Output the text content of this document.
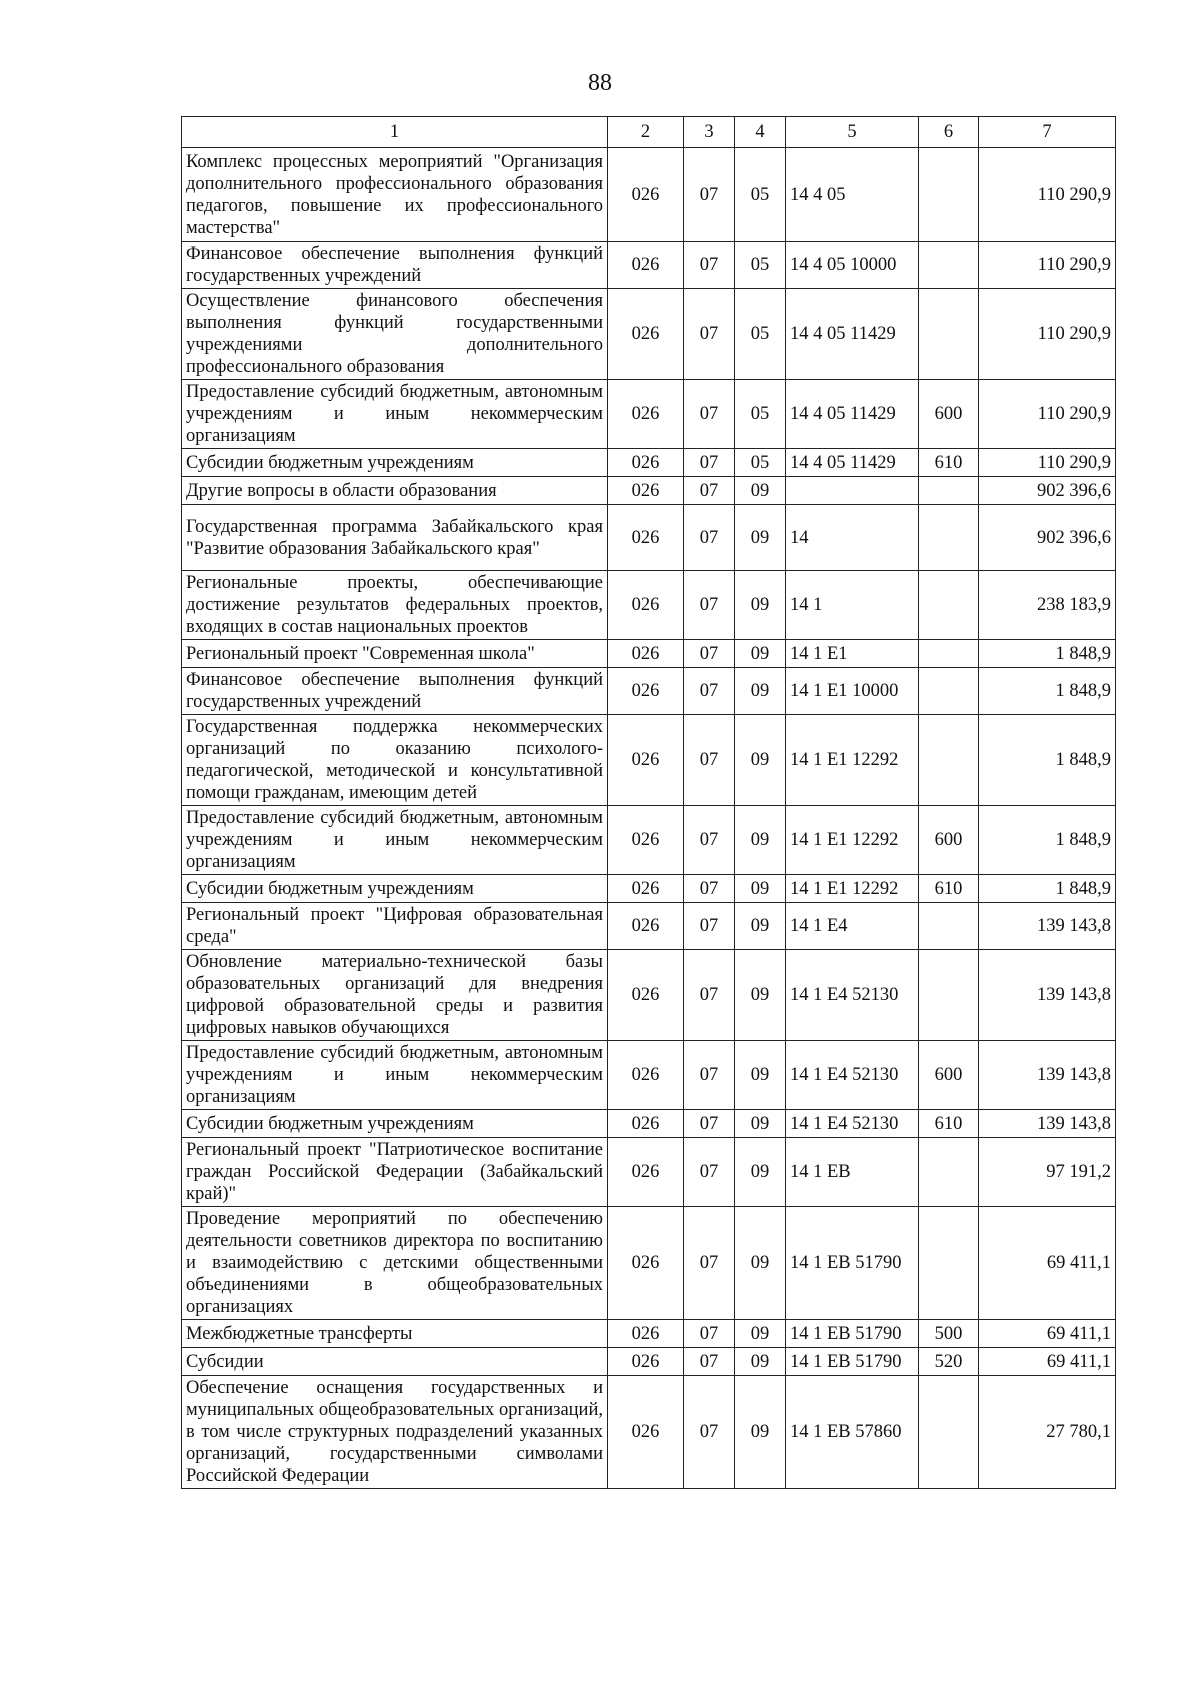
88
1	2	3	4	5	6	7
Комплекс процессных мероприятий "Организация дополнительного профессионального образования педагогов, повышение их профессионального мастерства"	026	07	05	14 4 05		110 290,9
Финансовое обеспечение выполнения функций государственных учреждений	026	07	05	14 4 05 10000		110 290,9
Осуществление финансового обеспечения выполнения функций государственными учреждениями дополнительного профессионального образования	026	07	05	14 4 05 11429		110 290,9
Предоставление субсидий бюджетным, автономным учреждениям и иным некоммерческим организациям	026	07	05	14 4 05 11429	600	110 290,9
Субсидии бюджетным учреждениям	026	07	05	14 4 05 11429	610	110 290,9
Другие вопросы в области образования	026	07	09			902 396,6
Государственная программа Забайкальского края "Развитие образования Забайкальского края"	026	07	09	14		902 396,6
Региональные проекты, обеспечивающие достижение результатов федеральных проектов, входящих в состав национальных проектов	026	07	09	14 1		238 183,9
Региональный проект "Современная школа"	026	07	09	14 1 E1		1 848,9
Финансовое обеспечение выполнения функций государственных учреждений	026	07	09	14 1 E1 10000		1 848,9
Государственная поддержка некоммерческих организаций по оказанию психолого-педагогической, методической и консультативной помощи гражданам, имеющим детей	026	07	09	14 1 E1 12292		1 848,9
Предоставление субсидий бюджетным, автономным учреждениям и иным некоммерческим организациям	026	07	09	14 1 E1 12292	600	1 848,9
Субсидии бюджетным учреждениям	026	07	09	14 1 E1 12292	610	1 848,9
Региональный проект "Цифровая образовательная среда"	026	07	09	14 1 E4		139 143,8
Обновление материально-технической базы образовательных организаций для внедрения цифровой образовательной среды и развития цифровых навыков обучающихся	026	07	09	14 1 E4 52130		139 143,8
Предоставление субсидий бюджетным, автономным учреждениям и иным некоммерческим организациям	026	07	09	14 1 E4 52130	600	139 143,8
Субсидии бюджетным учреждениям	026	07	09	14 1 E4 52130	610	139 143,8
Региональный проект "Патриотическое воспитание граждан Российской Федерации (Забайкальский край)"	026	07	09	14 1 EB		97 191,2
Проведение мероприятий по обеспечению деятельности советников директора по воспитанию и взаимодействию с детскими общественными объединениями в общеобразовательных организациях	026	07	09	14 1 EB 51790		69 411,1
Межбюджетные трансферты	026	07	09	14 1 EB 51790	500	69 411,1
Субсидии	026	07	09	14 1 EB 51790	520	69 411,1
Обеспечение оснащения государственных и муниципальных общеобразовательных организаций, в том числе структурных подразделений указанных организаций, государственными символами Российской Федерации	026	07	09	14 1 EB 57860		27 780,1
